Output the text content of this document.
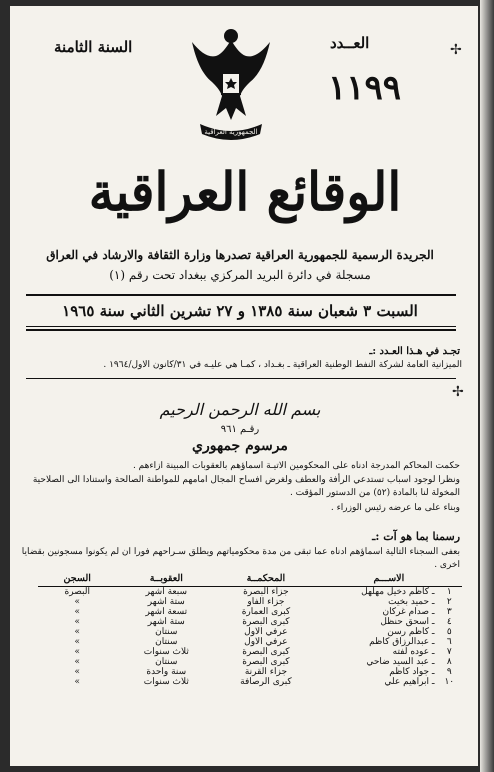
العــدد
١١٩٩
السنة الثامنة
الجمهورية العراقية
الوقائع العراقية
الجريدة الرسمية للجمهورية العراقية تصدرها وزارة الثقافة والارشاد في العراق
مسجلة في دائرة البريد المركزي ببغداد تحت رقم (١)
السبت ٣ شعبان سنة ١٣٨٥ و ٢٧ تشرين الثاني سنة ١٩٦٥
تجـد في هـذا العـدد :ـ
الميزانية العامة لشركة النفط الوطنية العراقية ـ بغـداد ، كمـا هي عليـه في ٣١/كانون الاول/١٩٦٤ .
بسم الله الرحمن الرحيم
رقـم ٩٦١
مرسوم جمهوري
حكمت المحاكم المدرجة ادناه على المحكومين الاتيـة اسماؤهم بالعقوبات المبينة ازاءهم .
ونظرا لوجود اسباب تستدعي الرأفة والعطف ولغرض افساح المجال امامهم للمواطنة الصالحة واستنادا الى الصلاحية المخولة لنا بالمادة (٥٢) من الدستور المؤقت .
وبناء على ما عرضه رئيس الوزراء .
رسمنا بما هو آت :ـ
بعفى السجناء التالية اسماؤهم ادناه عما تبقى من مدة محكومياتهم ويطلق سـراحهم فورا ان لم يكونوا مسجونين بقضايا اخرى .
الاســـم		المحكمــة	العقوبــة	السجن
١	ـ كاظم دخيل مهلهل	جزاء البصرة	سبعة اشهر	البصرة
٢	ـ حميد بخيت	جزاء الفاو	ستة اشهر	»
٣	ـ صدام غركان	كبرى العمارة	تسعة اشهر	»
٤	ـ اسحق حنظل	كبرى البصرة	ستة اشهر	»
٥	ـ كاظم رسن	عرفي الاول	سنتان	»
٦	ـ عبدالرزاق كاظم	عرفي الاول	سنتان	»
٧	ـ عوده لفته	كبرى البصرة	ثلاث سنوات	»
٨	ـ عبد السيد ضاحي	كبرى البصرة	سنتان	»
٩	ـ جواد كاظم	جزاء القرنة	سنة واحدة	»
١٠	ـ ابراهيم علي	كبرى الرصافة	ثلاث سنوات	»
✢
✢
